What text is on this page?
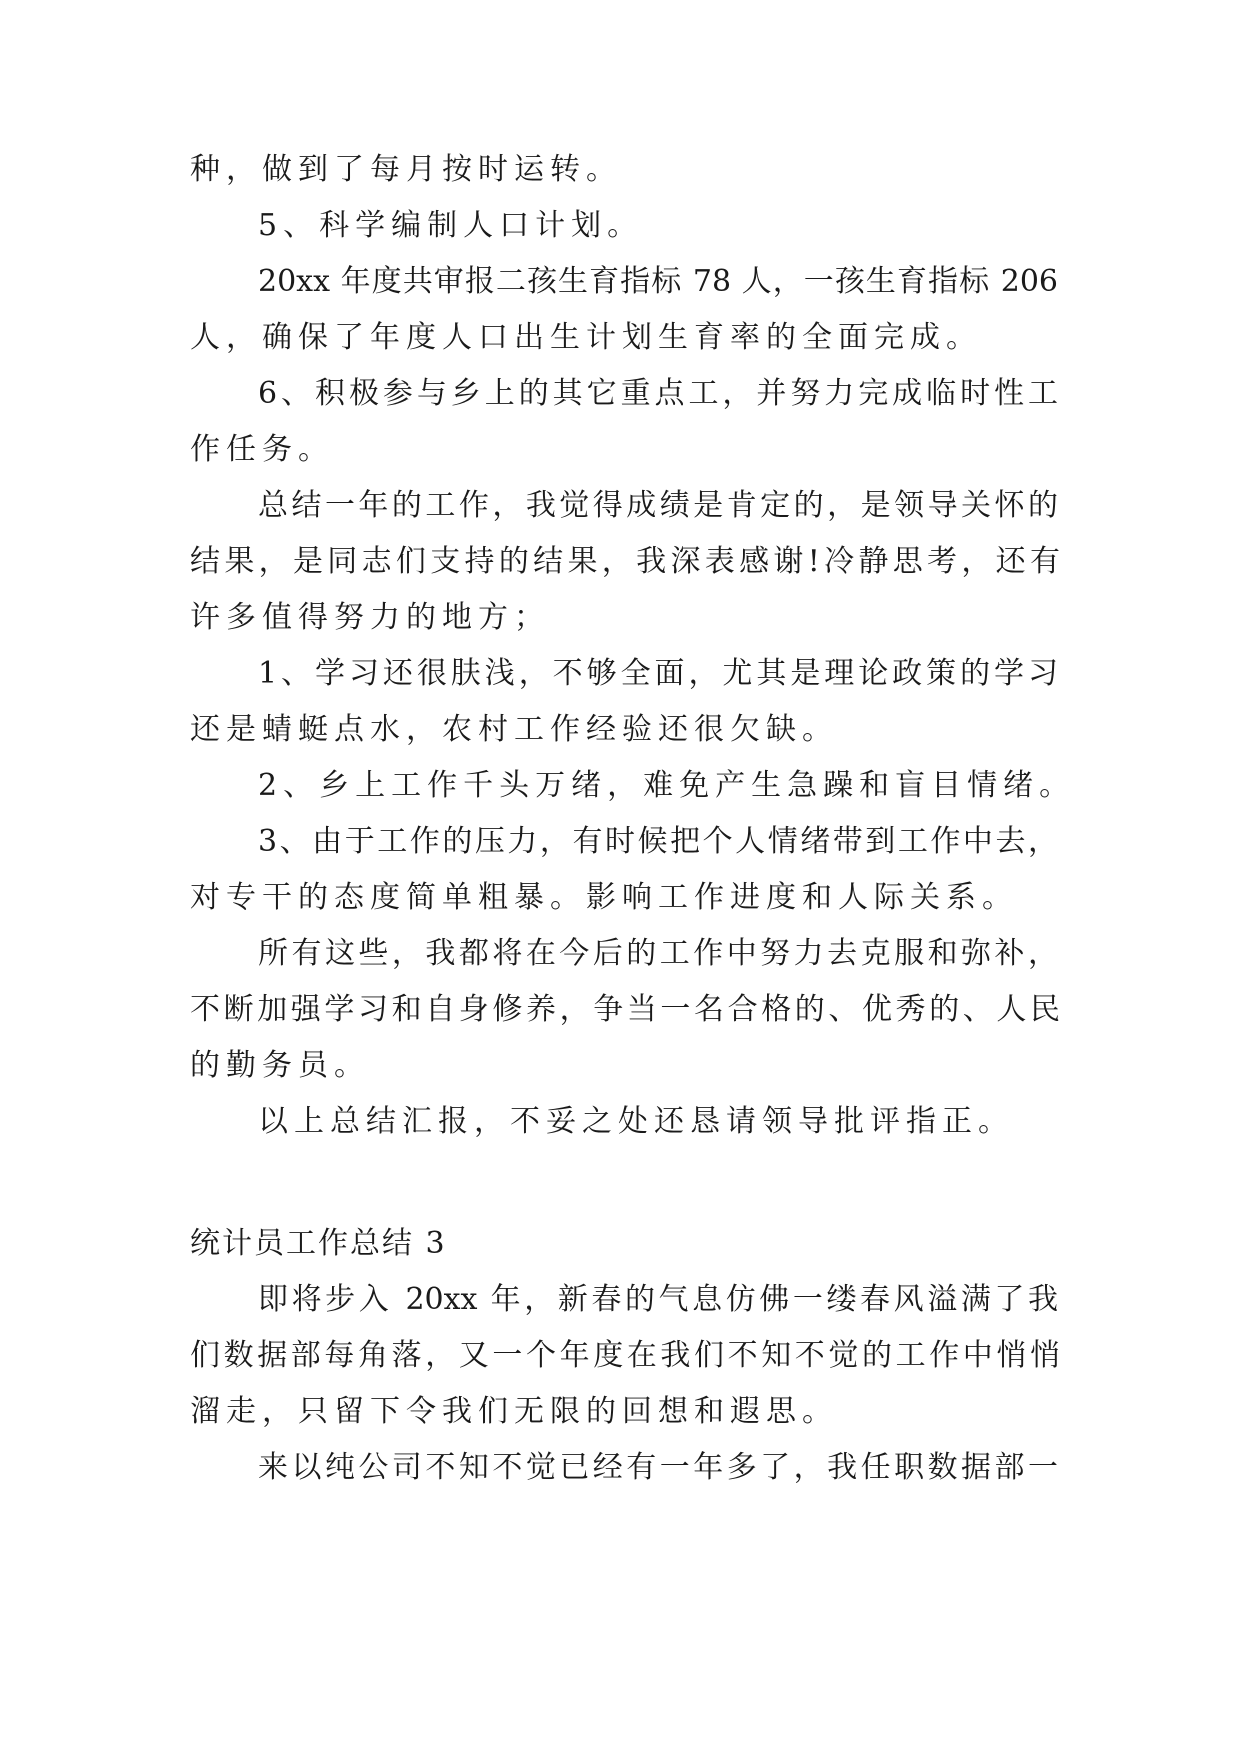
种，做到了每月按时运转。
5、科学编制人口计划。
20xx 年度共审报二孩生育指标 78 人，一孩生育指标 206
人，确保了年度人口出生计划生育率的全面完成。
6、积极参与乡上的其它重点工，并努力完成临时性工
作任务。
总结一年的工作，我觉得成绩是肯定的，是领导关怀的
结果，是同志们支持的结果，我深表感谢!冷静思考，还有
许多值得努力的地方；
1、学习还很肤浅，不够全面，尤其是理论政策的学习
还是蜻蜓点水，农村工作经验还很欠缺。
2、乡上工作千头万绪，难免产生急躁和盲目情绪。
3、由于工作的压力，有时候把个人情绪带到工作中去，
对专干的态度简单粗暴。影响工作进度和人际关系。
所有这些，我都将在今后的工作中努力去克服和弥补，
不断加强学习和自身修养，争当一名合格的、优秀的、人民
的勤务员。
以上总结汇报，不妥之处还恳请领导批评指正。
统计员工作总结 3
即将步入 20xx 年，新春的气息仿佛一缕春风溢满了我
们数据部每角落，又一个年度在我们不知不觉的工作中悄悄
溜走，只留下令我们无限的回想和遐思。
来以纯公司不知不觉已经有一年多了，我任职数据部一
